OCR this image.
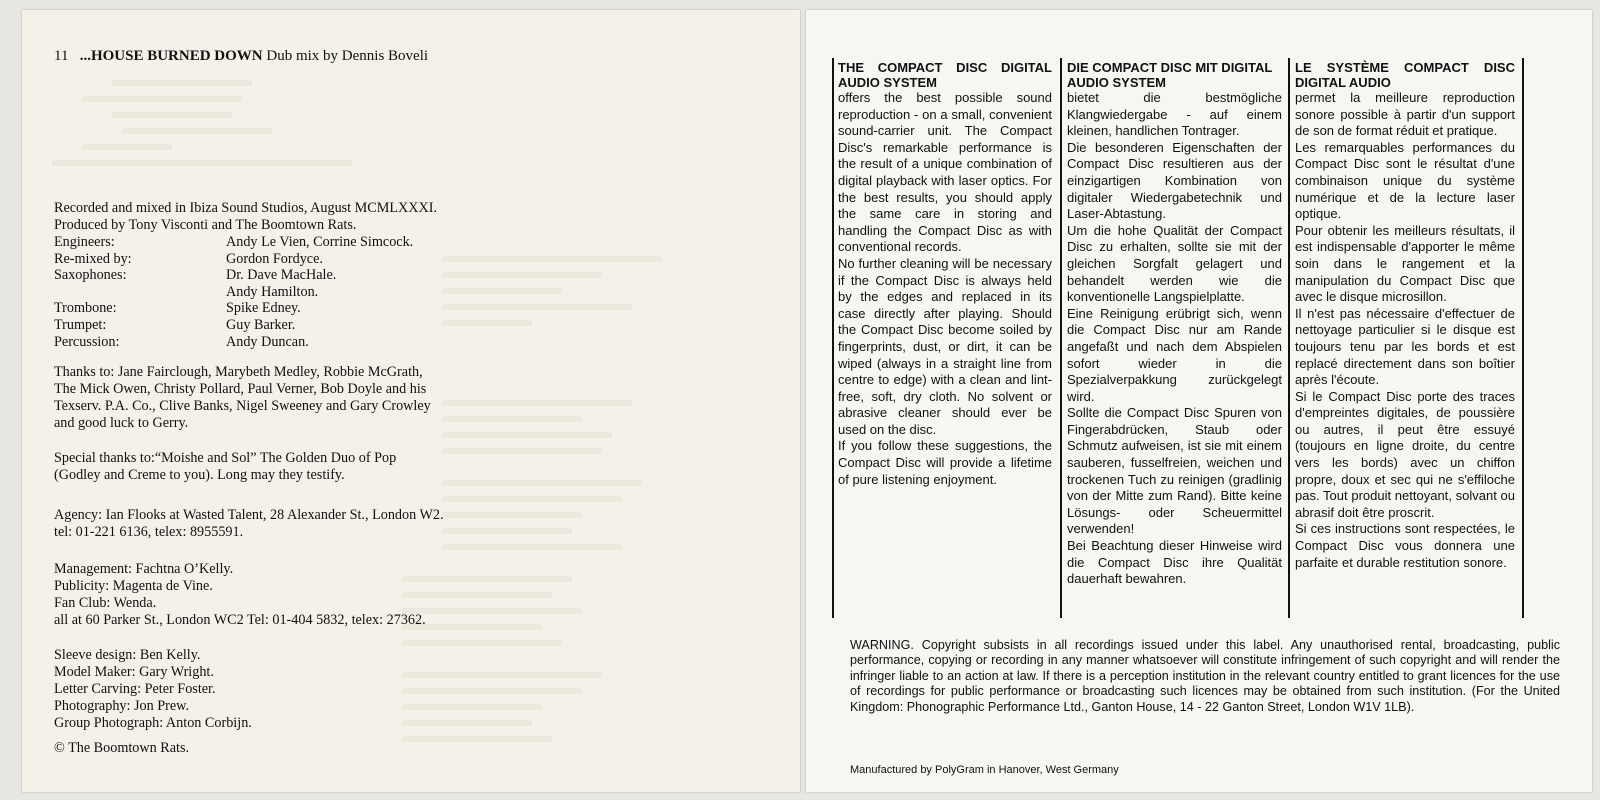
11 ...HOUSE BURNED DOWN Dub mix by Dennis Boveli
Recorded and mixed in Ibiza Sound Studios, August MCMLXXXI.
Produced by Tony Visconti and The Boomtown Rats.
Engineers:	Andy Le Vien, Corrine Simcock.
Re-mixed by:	Gordon Fordyce.
Saxophones:	Dr. Dave MacHale.
Andy Hamilton.
Trombone:	Spike Edney.
Trumpet:	Guy Barker.
Percussion:	Andy Duncan.
Thanks to: Jane Fairclough, Marybeth Medley, Robbie McGrath,
The Mick Owen, Christy Pollard, Paul Verner, Bob Doyle and his
Texserv. P.A. Co., Clive Banks, Nigel Sweeney and Gary Crowley
and good luck to Gerry.
Special thanks to:“Moishe and Sol” The Golden Duo of Pop
(Godley and Creme to you). Long may they testify.
Agency: Ian Flooks at Wasted Talent, 28 Alexander St., London W2.
tel: 01-221 6136, telex: 8955591.
Management: Fachtna O’Kelly.
Publicity: Magenta de Vine.
Fan Club: Wenda.
all at 60 Parker St., London WC2 Tel: 01-404 5832, telex: 27362.
Sleeve design: Ben Kelly.
Model Maker: Gary Wright.
Letter Carving: Peter Foster.
Photography: Jon Prew.
Group Photograph: Anton Corbijn.
© The Boomtown Rats.
THE COMPACT DISC DIGITAL
AUDIO SYSTEM

offers the best possible sound reproduction - on a small, convenient sound-carrier unit. The Compact Disc's remarkable performance is the result of a unique combination of digital playback with laser optics. For the best results, you should apply the same care in storing and handling the Compact Disc as with conventional records.

No further cleaning will be necessary if the Compact Disc is always held by the edges and replaced in its case directly after playing. Should the Compact Disc become soiled by fingerprints, dust, or dirt, it can be wiped (always in a straight line from centre to edge) with a clean and lint-free, soft, dry cloth. No solvent or abrasive cleaner should ever be used on the disc.

If you follow these suggestions, the Compact Disc will provide a lifetime of pure listening enjoyment.

DIE COMPACT DISC MIT DIGITAL
AUDIO SYSTEM

bietet die bestmögliche Klangwiedergabe - auf einem kleinen, handlichen Tontrager.

Die besonderen Eigenschaften der Compact Disc resultieren aus der einzigartigen Kombination von digitaler Wiedergabetechnik und Laser-Abtastung.

Um die hohe Qualität der Compact Disc zu erhalten, sollte sie mit der gleichen Sorgfalt gelagert und behandelt werden wie die konventionelle Langspielplatte.

Eine Reinigung erübrigt sich, wenn die Compact Disc nur am Rande angefaßt und nach dem Abspielen sofort wieder in die Spezialverpakkung zurückgelegt wird.

Sollte die Compact Disc Spuren von Fingerabdrücken, Staub oder Schmutz aufweisen, ist sie mit einem sauberen, fusselfreien, weichen und trockenen Tuch zu reinigen (gradlinig von der Mitte zum Rand). Bitte keine Lösungs- oder Scheuermittel verwenden!

Bei Beachtung dieser Hinweise wird die Compact Disc ihre Qualität dauerhaft bewahren.

LE SYSTÈME COMPACT DISC
DIGITAL AUDIO

permet la meilleure reproduction sonore possible à partir d'un support de son de format réduit et pratique.

Les remarquables performances du Compact Disc sont le résultat d'une combinaison unique du système numérique et de la lecture laser optique.

Pour obtenir les meilleurs résultats, il est indispensable d'apporter le même soin dans le rangement et la manipulation du Compact Disc que avec le disque microsillon.

Il n'est pas nécessaire d'effectuer de nettoyage particulier si le disque est toujours tenu par les bords et est replacé directement dans son boîtier après l'écoute.

Si le Compact Disc porte des traces d'empreintes digitales, de poussière ou autres, il peut être essuyé (toujours en ligne droite, du centre vers les bords) avec un chiffon propre, doux et sec qui ne s'effiloche pas. Tout produit nettoyant, solvant ou abrasif doit être proscrit.

Si ces instructions sont respectées, le Compact Disc vous donnera une parfaite et durable restitution sonore.

WARNING. Copyright subsists in all recordings issued under this label. Any unauthorised rental, broadcasting, public performance, copying or recording in any manner whatsoever will constitute infringement of such copyright and will render the infringer liable to an action at law. If there is a perception institution in the relevant country entitled to grant licences for the use of recordings for public performance or broadcasting such licences may be obtained from such institution. (For the United Kingdom: Phonographic Performance Ltd., Ganton House, 14 - 22 Ganton Street, London W1V 1LB).
Manufactured by PolyGram in Hanover, West Germany
